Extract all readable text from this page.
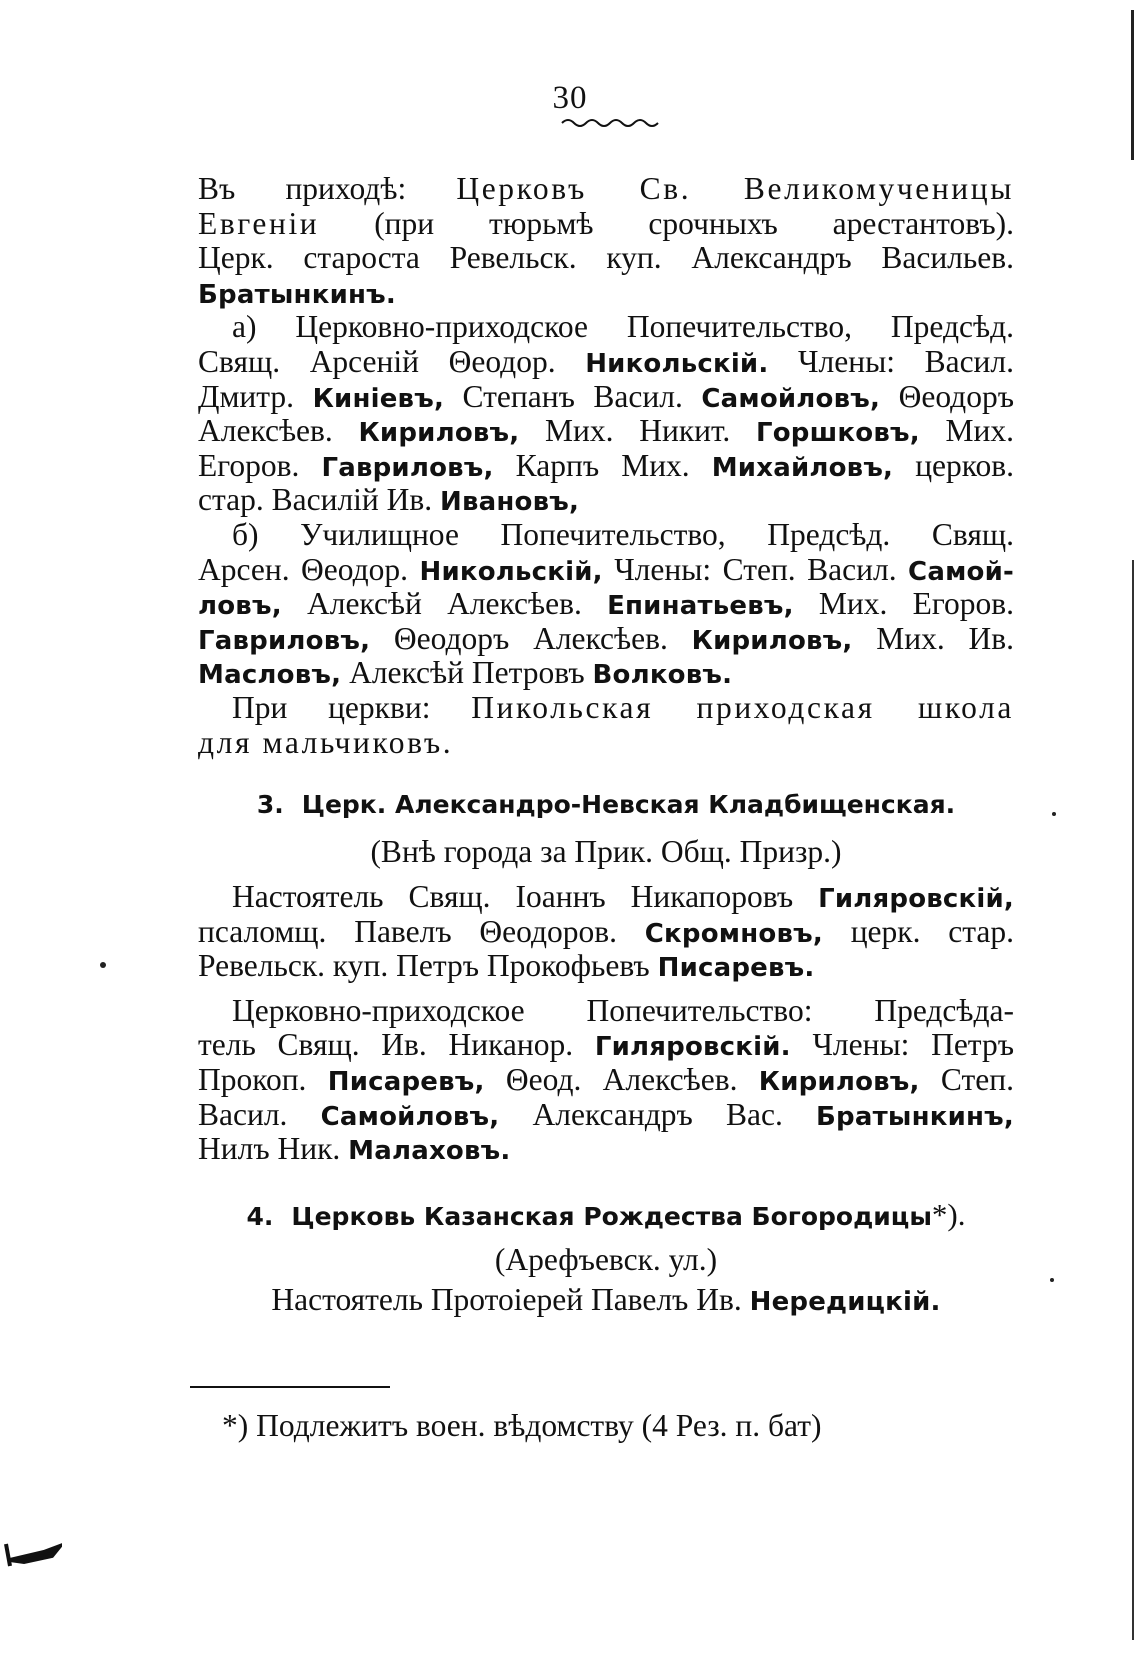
30
Въ приходѣ: Церковъ Св. Великомученицы
Евгеніи (при тюрьмѣ срочныхъ арестантовъ).
Церк. староста Ревельск. куп. Александръ Васильев.
Братынкинъ.
а) Церковно-приходское Попечительство, Предсѣд.
Свящ. Арсеній Θеодор. Никольскій. Члены: Васил.
Дмитр. Киніевъ, Степанъ Васил. Самойловъ, Θеодоръ
Алексѣев. Кириловъ, Мих. Никит. Горшковъ, Мих.
Егоров. Гавриловъ, Карпъ Мих. Михайловъ, церков.
стар. Василій Ив. Ивановъ,
б) Училищное Попечительство, Предсѣд. Свящ.
Арсен. Θеодор. Никольскій, Члены: Степ. Васил. Самой-
ловъ, Алексѣй Алексѣев. Епинатьевъ, Мих. Егоров.
Гавриловъ, Θеодоръ Алексѣев. Кириловъ, Мих. Ив.
Масловъ, Алексѣй Петровъ Волковъ.
При церкви: Пикольская приходская школа
для мальчиковъ.
3. Церк. Александро-Невская Кладбищенская.
(Внѣ города за Прик. Общ. Призр.)
Настоятель Свящ. Іоаннъ Никапоровъ Гиляровскій,
псаломщ. Павелъ Θеодоров. Скромновъ, церк. стар.
Ревельск. куп. Петръ Прокофьевъ Писаревъ.
Церковно-приходское Попечительство: Предсѣда-
тель Свящ. Ив. Никанор. Гиляровскій. Члены: Петръ
Прокоп. Писаревъ, Θеод. Алексѣев. Кириловъ, Степ.
Васил. Самойловъ, Александръ Вас. Братынкинъ,
Нилъ Ник. Малаховъ.
4. Церковь Казанская Рождества Богородицы*).
(Арефъевск. ул.)
Настоятель Протоіерей Павелъ Ив. Нередицкій.
*) Подлежитъ воен. вѣдомству (4 Рез. п. бат)
